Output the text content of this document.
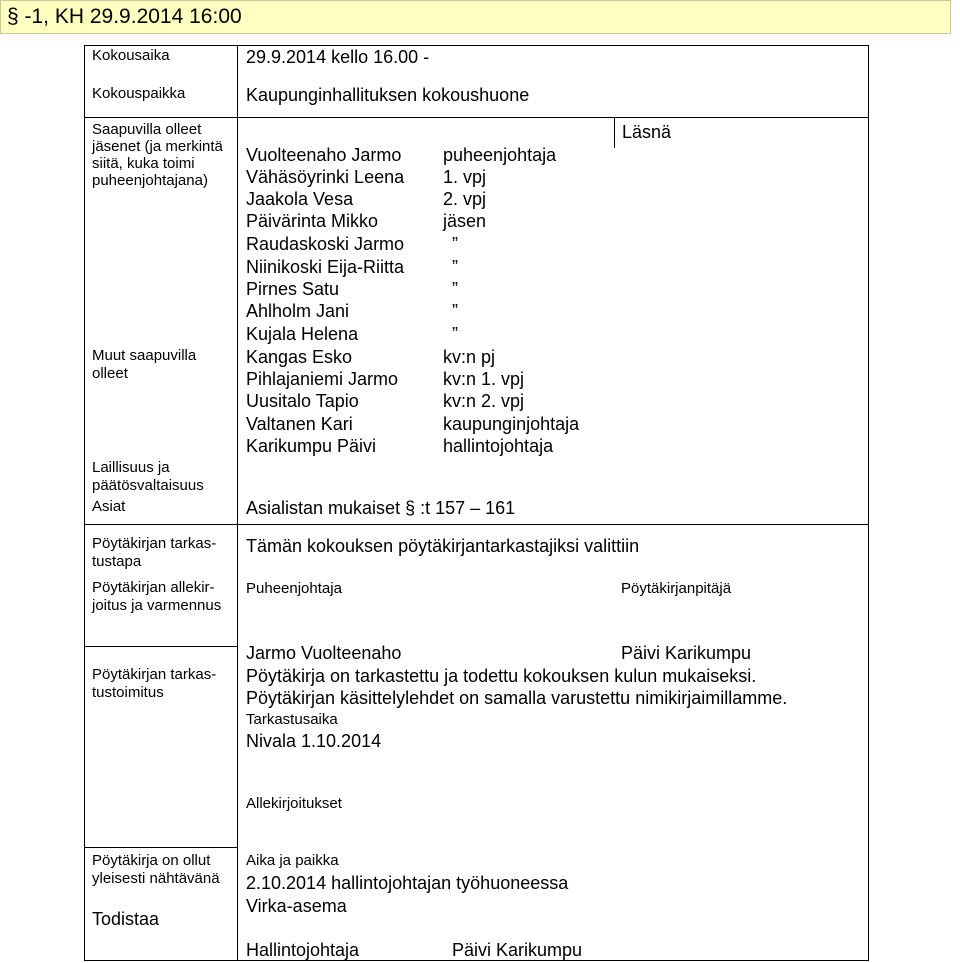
§ -1, KH 29.9.2014 16:00
Kokousaika	29.9.2014 kello 16.00 -
Kokouspaikka	Kaupunginhallituksen kokoushuone
Saapuvilla olleet
jäsenet (ja merkintä
siitä, kuka toimi
puheenjohtajana)
Läsnä
Vuolteenaho Jarmo puheenjohtaja
Vähäsöyrinki Leena 1. vpj
Jaakola Vesa	2. vpj
Päivärinta Mikko	jäsen
Raudaskoski Jarmo	”
Niinikoski Eija-Riitta	”
Pirnes Satu	”
Ahlholm Jani	”
Kujala Helena	”
Muut saapuvilla
olleet
Kangas Esko	kv:n pj
Pihlajaniemi Jarmo kv:n 1. vpj
Uusitalo Tapio	kv:n 2. vpj
Valtanen Kari	kaupunginjohtaja
Karikumpu Päivi	hallintojohtaja
Laillisuus ja
päätösvaltaisuus
Asiat	Asialistan mukaiset § :t 157 – 161
Pöytäkirjan tarkas-
tustapa
Tämän kokouksen pöytäkirjantarkastajiksi valittiin
Pöytäkirjan allekir-
joitus ja varmennus
Puheenjohtaja	Pöytäkirjanpitäjä
Jarmo Vuolteenaho	Päivi Karikumpu
Pöytäkirjan tarkas-
tustoimitus
Pöytäkirja on tarkastettu ja todettu kokouksen kulun mukaiseksi.
Pöytäkirjan käsittelylehdet on samalla varustettu nimikirjaimillamme.
Tarkastusaika
Nivala 1.10.2014
Allekirjoitukset
Pöytäkirja on ollut
yleisesti nähtävänä
Todistaa
Aika ja paikka
2.10.2014 hallintojohtajan työhuoneessa
Virka-asema
Hallintojohtaja	Päivi Karikumpu
